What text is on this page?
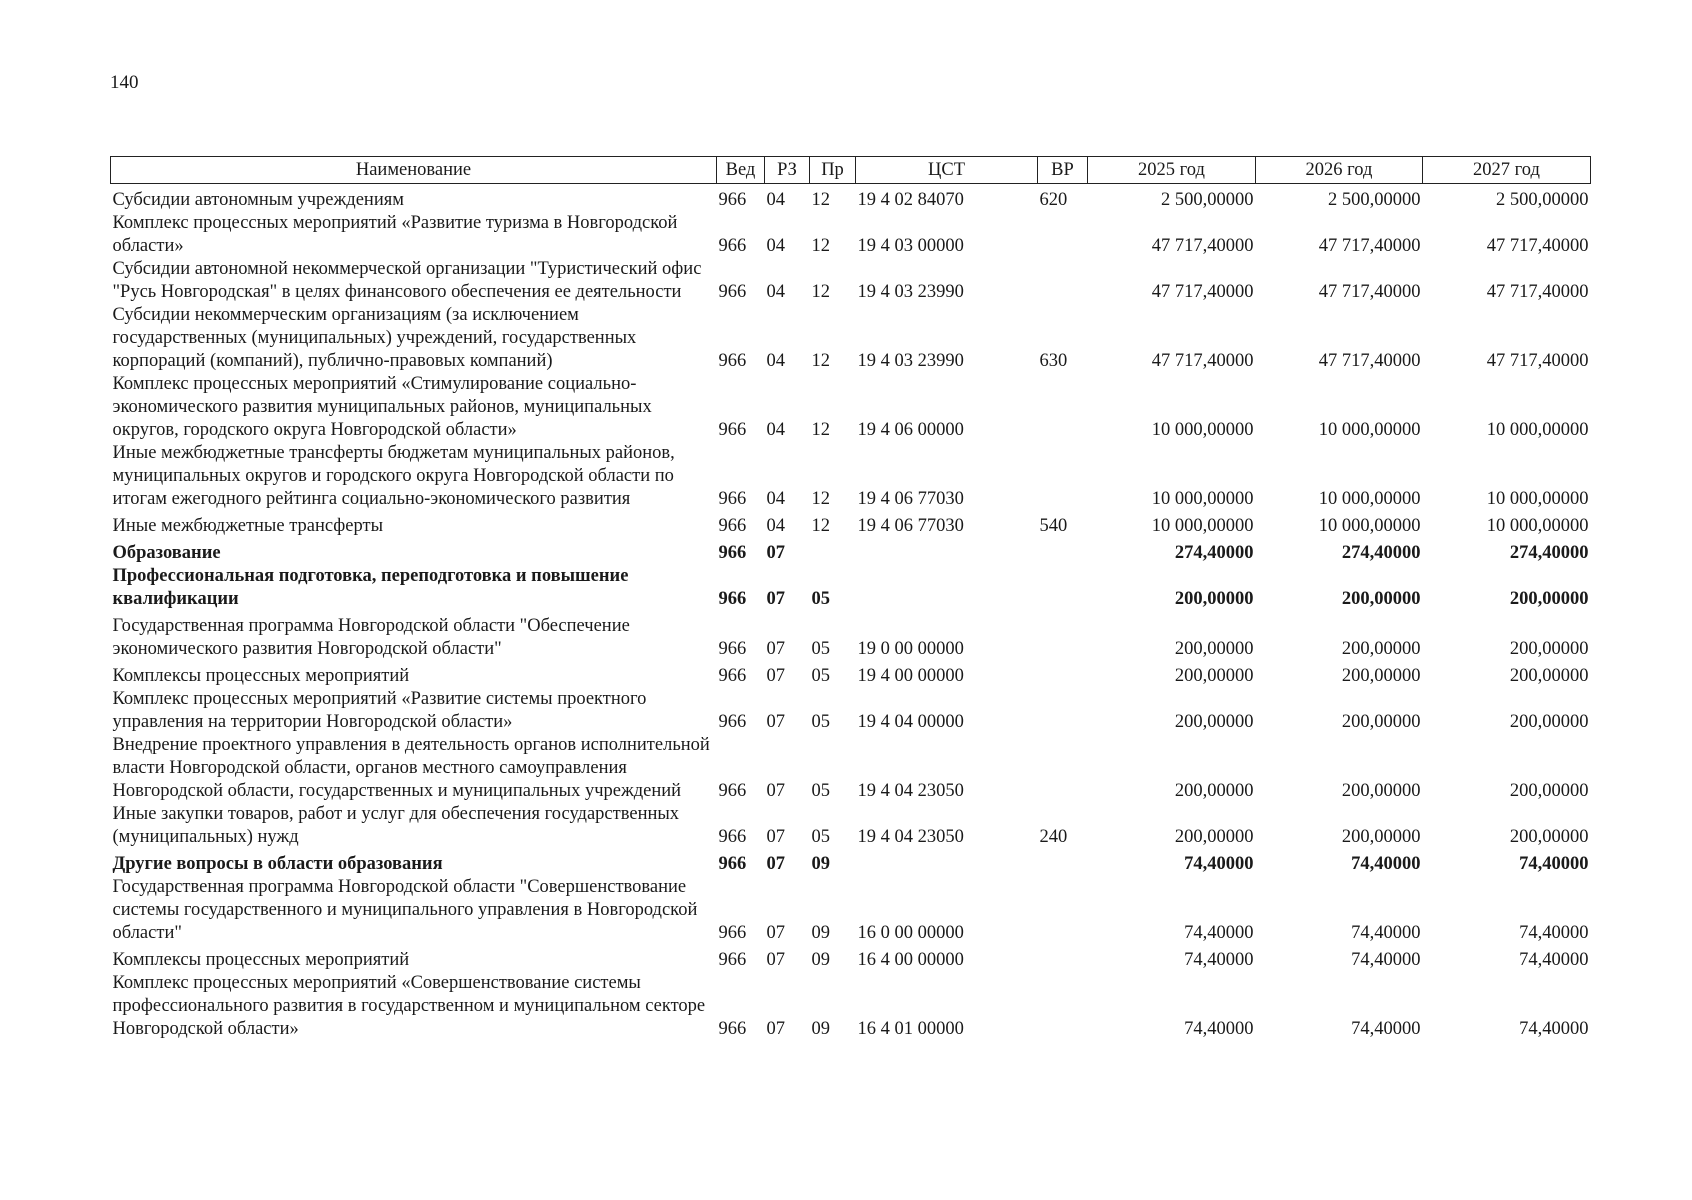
140
Наименование	Вед	РЗ	Пр	ЦСТ	ВР	2025 год	2026 год	2027 год
Субсидии автономным учреждениям	966	04	12	19 4 02 84070	620	2 500,00000	2 500,00000	2 500,00000
Комплекс процессных мероприятий «Развитие туризма в Новгородской области»	966	04	12	19 4 03 00000		47 717,40000	47 717,40000	47 717,40000
Субсидии автономной некоммерческой организации "Туристический офис "Русь Новгородская" в целях финансового обеспечения ее деятельности	966	04	12	19 4 03 23990		47 717,40000	47 717,40000	47 717,40000
Субсидии некоммерческим организациям (за исключением государственных (муниципальных) учреждений, государственных корпораций (компаний), публично-правовых компаний)	966	04	12	19 4 03 23990	630	47 717,40000	47 717,40000	47 717,40000
Комплекс процессных мероприятий «Стимулирование социально-экономического развития муниципальных районов, муниципальных округов, городского округа Новгородской области»	966	04	12	19 4 06 00000		10 000,00000	10 000,00000	10 000,00000
Иные межбюджетные трансферты бюджетам муниципальных районов, муниципальных округов и городского округа Новгородской области по итогам ежегодного рейтинга социально-экономического развития	966	04	12	19 4 06 77030		10 000,00000	10 000,00000	10 000,00000
Иные межбюджетные трансферты	966	04	12	19 4 06 77030	540	10 000,00000	10 000,00000	10 000,00000
Образование	966	07				274,40000	274,40000	274,40000
Профессиональная подготовка, переподготовка и повышение квалификации	966	07	05			200,00000	200,00000	200,00000
Государственная программа Новгородской области "Обеспечение экономического развития Новгородской области"	966	07	05	19 0 00 00000		200,00000	200,00000	200,00000
Комплексы процессных мероприятий	966	07	05	19 4 00 00000		200,00000	200,00000	200,00000
Комплекс процессных мероприятий «Развитие системы проектного управления на территории Новгородской области»	966	07	05	19 4 04 00000		200,00000	200,00000	200,00000
Внедрение проектного управления в деятельность органов исполнительной власти Новгородской области, органов местного самоуправления Новгородской области, государственных и муниципальных учреждений	966	07	05	19 4 04 23050		200,00000	200,00000	200,00000
Иные закупки товаров, работ и услуг для обеспечения государственных (муниципальных) нужд	966	07	05	19 4 04 23050	240	200,00000	200,00000	200,00000
Другие вопросы в области образования	966	07	09			74,40000	74,40000	74,40000
Государственная программа Новгородской области "Совершенствование системы государственного и муниципального управления в Новгородской области"	966	07	09	16 0 00 00000		74,40000	74,40000	74,40000
Комплексы процессных мероприятий	966	07	09	16 4 00 00000		74,40000	74,40000	74,40000
Комплекс процессных мероприятий «Совершенствование системы профессионального развития в государственном и муниципальном секторе Новгородской области»	966	07	09	16 4 01 00000		74,40000	74,40000	74,40000
